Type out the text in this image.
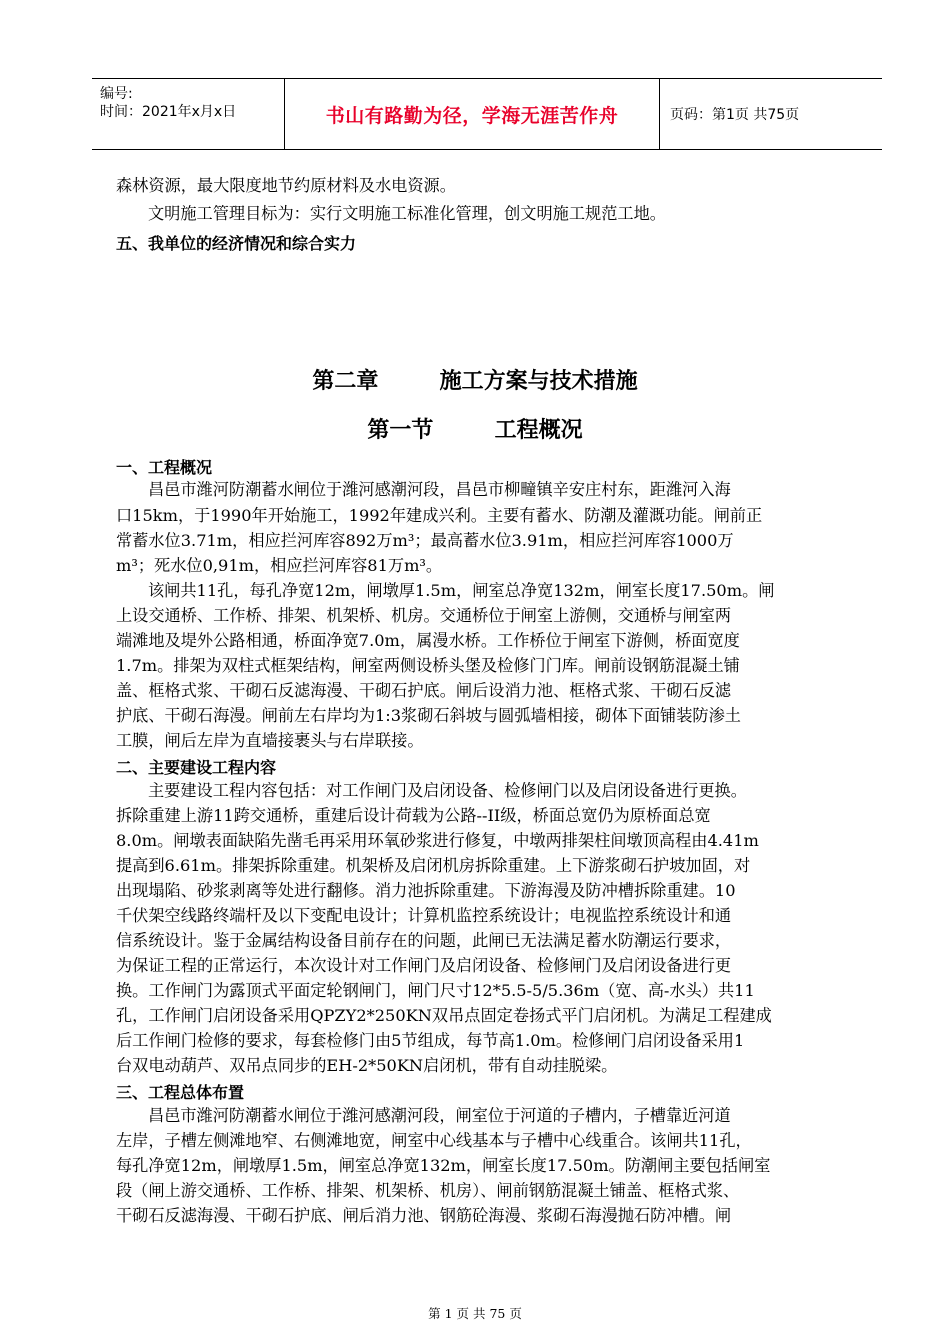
编号:
时间：2021年x月x日	书山有路勤为径，学海无涯苦作舟	页码：第1页 共75页
森林资源，最大限度地节约原材料及水电资源。
文明施工管理目标为：实行文明施工标准化管理，创文明施工规范工地。
五、我单位的经济情况和综合实力
第二章        施工方案与技术措施
第一节        工程概况
一、工程概况
昌邑市潍河防潮蓄水闸位于潍河感潮河段，昌邑市柳疃镇辛安庄村东，距潍河入海
口15km，于1990年开始施工，1992年建成兴利。主要有蓄水、防潮及灌溉功能。闸前正
常蓄水位3.71m，相应拦河库容892万m³；最高蓄水位3.91m，相应拦河库容1000万
m³；死水位0,91m，相应拦河库容81万m³。
该闸共11孔，每孔净宽12m，闸墩厚1.5m，闸室总净宽132m，闸室长度17.50m。闸
上设交通桥、工作桥、排架、机架桥、机房。交通桥位于闸室上游侧，交通桥与闸室两
端滩地及堤外公路相通，桥面净宽7.0m，属漫水桥。工作桥位于闸室下游侧，桥面宽度
1.7m。排架为双柱式框架结构，闸室两侧设桥头堡及检修门门库。闸前设钢筋混凝土铺
盖、框格式浆、干砌石反滤海漫、干砌石护底。闸后设消力池、框格式浆、干砌石反滤
护底、干砌石海漫。闸前左右岸均为1:3浆砌石斜坡与圆弧墙相接，砌体下面铺装防渗土
工膜，闸后左岸为直墙接裹头与右岸联接。
二、主要建设工程内容
主要建设工程内容包括：对工作闸门及启闭设备、检修闸门以及启闭设备进行更换。
拆除重建上游11跨交通桥，重建后设计荷载为公路--II级，桥面总宽仍为原桥面总宽
8.0m。闸墩表面缺陷先凿毛再采用环氧砂浆进行修复，中墩两排架柱间墩顶高程由4.41m
提高到6.61m。排架拆除重建。机架桥及启闭机房拆除重建。上下游浆砌石护坡加固，对
出现塌陷、砂浆剥离等处进行翻修。消力池拆除重建。下游海漫及防冲槽拆除重建。10
千伏架空线路终端杆及以下变配电设计；计算机监控系统设计；电视监控系统设计和通
信系统设计。鉴于金属结构设备目前存在的问题，此闸已无法满足蓄水防潮运行要求，
为保证工程的正常运行，本次设计对工作闸门及启闭设备、检修闸门及启闭设备进行更
换。工作闸门为露顶式平面定轮钢闸门，闸门尺寸12*5.5-5/5.36m（宽、高-水头）共11
孔，工作闸门启闭设备采用QPZY2*250KN双吊点固定卷扬式平门启闭机。为满足工程建成
后工作闸门检修的要求，每套检修门由5节组成，每节高1.0m。检修闸门启闭设备采用1
台双电动葫芦、双吊点同步的EH-2*50KN启闭机，带有自动挂脱梁。
三、工程总体布置
昌邑市潍河防潮蓄水闸位于潍河感潮河段，闸室位于河道的子槽内，子槽靠近河道
左岸，子槽左侧滩地窄、右侧滩地宽，闸室中心线基本与子槽中心线重合。该闸共11孔，
每孔净宽12m，闸墩厚1.5m，闸室总净宽132m，闸室长度17.50m。防潮闸主要包括闸室
段（闸上游交通桥、工作桥、排架、机架桥、机房）、闸前钢筋混凝土铺盖、框格式浆、
干砌石反滤海漫、干砌石护底、闸后消力池、钢筋砼海漫、浆砌石海漫抛石防冲槽。闸
第 1 页 共 75 页
